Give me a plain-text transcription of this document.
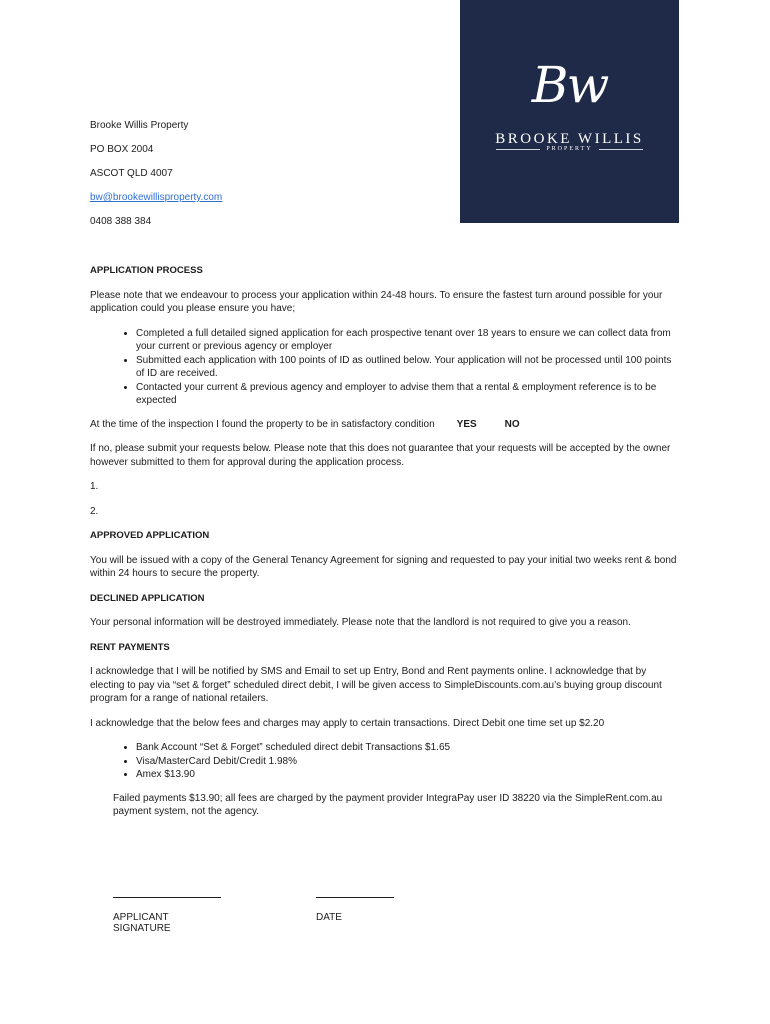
Bw
BROOKE WILLIS
PROPERTY
Brooke Willis Property
PO BOX 2004
ASCOT QLD 4007
bw@brookewillisproperty.com
0408 388 384
APPLICATION PROCESS

Please note that we endeavour to process your application within 24-48 hours. To ensure the fastest turn around possible for your application could you please ensure you have;

• Completed a full detailed signed application for each prospective tenant over 18 years to ensure we can collect data from your current or previous agency or employer
• Submitted each application with 100 points of ID as outlined below. Your application will not be processed until 100 points of ID are received.
• Contacted your current & previous agency and employer to advise them that a rental & employment reference is to be expected
At the time of the inspection I found the property to be in satisfactory condition YES	NO

If no, please submit your requests below. Please note that this does not guarantee that your requests will be accepted by the owner however submitted to them for approval during the application process.

1.

2.

APPROVED APPLICATION

You will be issued with a copy of the General Tenancy Agreement for signing and requested to pay your initial two weeks rent & bond within 24 hours to secure the property.

DECLINED APPLICATION

Your personal information will be destroyed immediately. Please note that the landlord is not required to give you a reason.

RENT PAYMENTS

I acknowledge that I will be notified by SMS and Email to set up Entry, Bond and Rent payments online. I acknowledge that by electing to pay via “set & forget” scheduled direct debit, I will be given access to SimpleDiscounts.com.au’s buying group discount program for a range of national retailers.

I acknowledge that the below fees and charges may apply to certain transactions. Direct Debit one time set up $2.20

• Bank Account “Set & Forget” scheduled direct debit Transactions $1.65
• Visa/MasterCard Debit/Credit 1.98%
• Amex $13.90

Failed payments $13.90; all fees are charged by the payment provider IntegraPay user ID 38220 via the SimpleRent.com.au payment system, not the agency.

APPLICANT SIGNATURE
DATE
